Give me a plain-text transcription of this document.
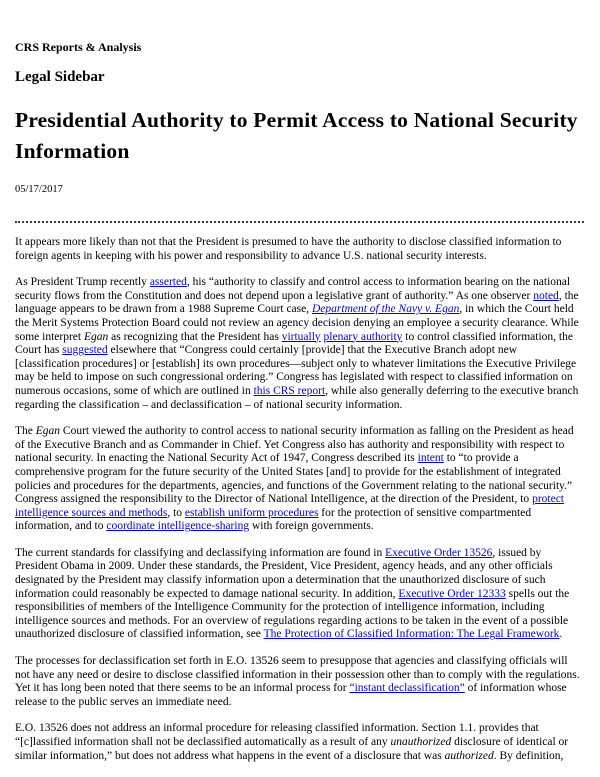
CRS Reports & Analysis
Legal Sidebar
Presidential Authority to Permit Access to National Security Information
05/17/2017

It appears more likely than not that the President is presumed to have the authority to disclose classified information to foreign agents in keeping with his power and responsibility to advance U.S. national security interests.

As President Trump recently asserted, his “authority to classify and control access to information bearing on the national security flows from the Constitution and does not depend upon a legislative grant of authority.” As one observer noted, the language appears to be drawn from a 1988 Supreme Court case, Department of the Navy v. Egan, in which the Court held the Merit Systems Protection Board could not review an agency decision denying an employee a security clearance. While some interpret Egan as recognizing that the President has virtually plenary authority to control classified information, the Court has suggested elsewhere that “Congress could certainly [provide] that the Executive Branch adopt new [classification procedures] or [establish] its own procedures—subject only to whatever limitations the Executive Privilege may be held to impose on such congressional ordering.” Congress has legislated with respect to classified information on numerous occasions, some of which are outlined in this CRS report, while also generally deferring to the executive branch regarding the classification – and declassification – of national security information.

The Egan Court viewed the authority to control access to national security information as falling on the President as head of the Executive Branch and as Commander in Chief. Yet Congress also has authority and responsibility with respect to national security. In enacting the National Security Act of 1947, Congress described its intent to “to provide a comprehensive program for the future security of the United States [and] to provide for the establishment of integrated policies and procedures for the departments, agencies, and functions of the Government relating to the national security.” Congress assigned the responsibility to the Director of National Intelligence, at the direction of the President, to protect intelligence sources and methods, to establish uniform procedures for the protection of sensitive compartmented information, and to coordinate intelligence-sharing with foreign governments.

The current standards for classifying and declassifying information are found in Executive Order 13526, issued by President Obama in 2009. Under these standards, the President, Vice President, agency heads, and any other officials designated by the President may classify information upon a determination that the unauthorized disclosure of such information could reasonably be expected to damage national security. In addition, Executive Order 12333 spells out the responsibilities of members of the Intelligence Community for the protection of intelligence information, including intelligence sources and methods. For an overview of regulations regarding actions to be taken in the event of a possible unauthorized disclosure of classified information, see The Protection of Classified Information: The Legal Framework.

The processes for declassification set forth in E.O. 13526 seem to presuppose that agencies and classifying officials will not have any need or desire to disclose classified information in their possession other than to comply with the regulations. Yet it has long been noted that there seems to be an informal process for “instant declassification” of information whose release to the public serves an immediate need.

E.O. 13526 does not address an informal procedure for releasing classified information. Section 1.1. provides that “[c]lassified information shall not be declassified automatically as a result of any unauthorized disclosure of identical or similar information,” but does not address what happens in the event of a disclosure that was authorized. By definition,
